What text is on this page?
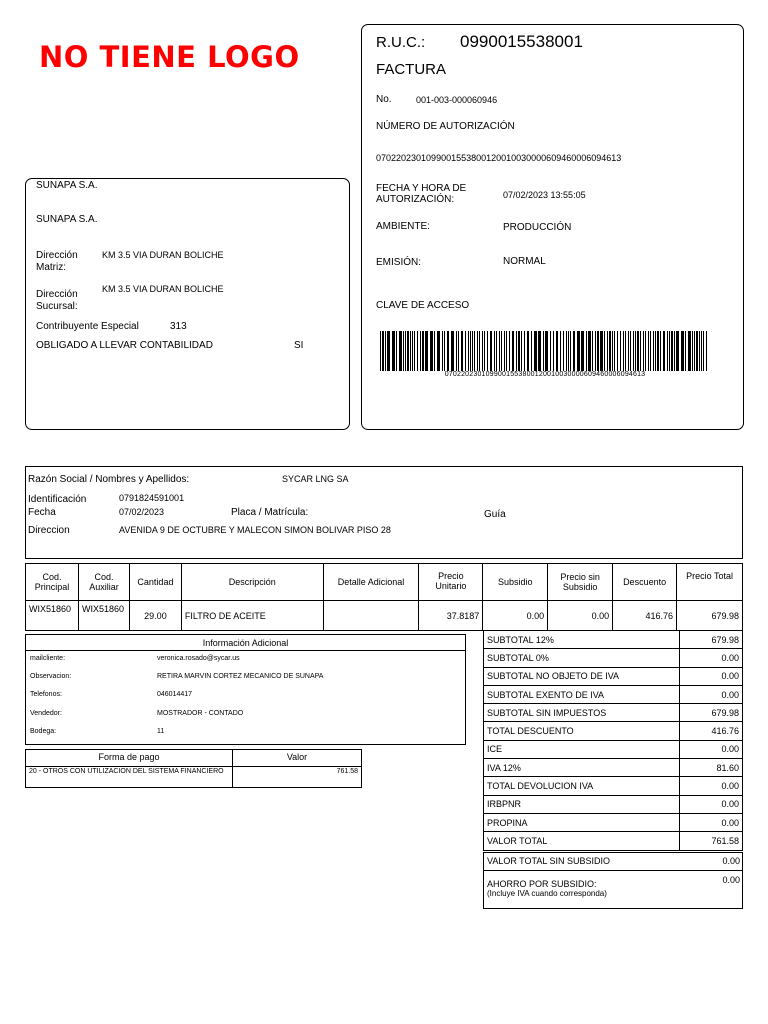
NO TIENE LOGO	R.U.C.: 0990015538001
FACTURA
No.	001-003-000060946
NÚMERO DE AUTORIZACIÓN
0702202301099001553800120010030000609460006094613
FECHA Y HORA DE AUTORIZACIÓN:	07/02/2023 13:55:05
AMBIENTE:	PRODUCCIÓN
EMISIÓN:	NORMAL
CLAVE DE ACCESO
0702202301099001553800120010030000609460006094613
SUNAPA S.A.
SUNAPA S.A.
Dirección Matriz:
KM 3.5 VIA DURAN BOLICHE
Dirección Sucursal:
KM 3.5 VIA DURAN BOLICHE
Contribuyente Especial	313
OBLIGADO A LLEVAR CONTABILIDAD	SI
Razón Social / Nombres y Apellidos:	SYCAR LNG SA
Identificación	0791824591001
Fecha	07/02/2023	Placa / Matrícula:	Guía
Direccion	AVENIDA 9 DE OCTUBRE Y MALECON SIMON BOLIVAR PISO 28
Cod. Principal	Cod. Auxiliar	Cantidad	Descripción	Detalle Adicional	Precio Unitario	Subsidio	Precio sin Subsidio	Descuento	Precio Total
WIX51860	WIX51860	29.00	FILTRO DE ACEITE		37.8187	0.00	0.00	416.76	679.98
Información Adicional
mailcliente:	veronica.rosado@sycar.us
Observacion:	RETIRA MARVIN CORTEZ MECANICO DE SUNAPA
Telefonos:	046014417
Vendedor:	MOSTRADOR - CONTADO
Bodega:	11
Forma de pago	Valor
20 - OTROS CON UTILIZACION DEL SISTEMA FINANCIERO	761.58
SUBTOTAL 12%	679.98
SUBTOTAL 0%	0.00
SUBTOTAL NO OBJETO DE IVA	0.00
SUBTOTAL EXENTO DE IVA	0.00
SUBTOTAL SIN IMPUESTOS	679.98
TOTAL DESCUENTO	416.76
ICE	0.00
IVA 12%	81.60
TOTAL DEVOLUCION IVA	0.00
IRBPNR	0.00
PROPINA	0.00
VALOR TOTAL	761.58
VALOR TOTAL SIN SUBSIDIO	0.00
AHORRO POR SUBSIDIO:
(Incluye IVA cuando corresponda)
0.00
